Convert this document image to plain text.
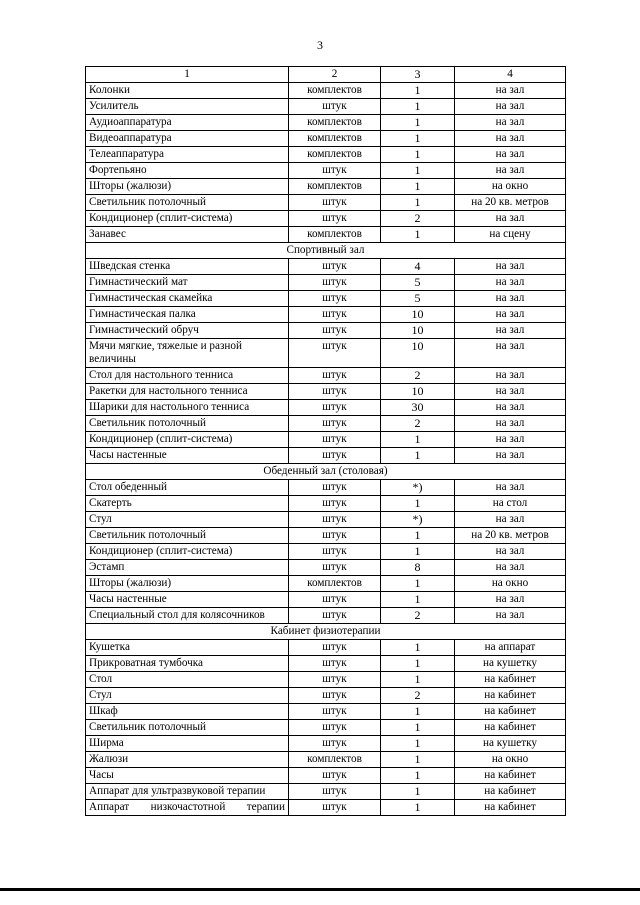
3
1	2	3	4
Колонки	комплектов	1	на зал
Усилитель	штук	1	на зал
Аудиоаппаратура	комплектов	1	на зал
Видеоаппаратура	комплектов	1	на зал
Телеаппаратура	комплектов	1	на зал
Фортепьяно	штук	1	на зал
Шторы (жалюзи)	комплектов	1	на окно
Светильник потолочный	штук	1	на 20 кв. метров
Кондиционер (сплит-система)	штук	2	на зал
Занавес	комплектов	1	на сцену
Спортивный зал			
Шведская стенка	штук	4	на зал
Гимнастический мат	штук	5	на зал
Гимнастическая скамейка	штук	5	на зал
Гимнастическая палка	штук	10	на зал
Гимнастический обруч	штук	10	на зал
Мячи мягкие, тяжелые и разной величины	штук	10	на зал
Стол для настольного тенниса	штук	2	на зал
Ракетки для настольного тенниса	штук	10	на зал
Шарики для настольного тенниса	штук	30	на зал
Светильник потолочный	штук	2	на зал
Кондиционер (сплит-система)	штук	1	на зал
Часы настенные	штук	1	на зал
Обеденный зал (столовая)			
Стол обеденный	штук	*)	на зал
Скатерть	штук	1	на стол
Стул	штук	*)	на зал
Светильник потолочный	штук	1	на 20 кв. метров
Кондиционер (сплит-система)	штук	1	на зал
Эстамп	штук	8	на зал
Шторы (жалюзи)	комплектов	1	на окно
Часы настенные	штук	1	на зал
Специальный стол для колясочников	штук	2	на зал
Кабинет физиотерапии			
Кушетка	штук	1	на аппарат
Прикроватная тумбочка	штук	1	на кушетку
Стол	штук	1	на кабинет
Стул	штук	2	на кабинет
Шкаф	штук	1	на кабинет
Светильник потолочный	штук	1	на кабинет
Ширма	штук	1	на кушетку
Жалюзи	комплектов	1	на окно
Часы	штук	1	на кабинет
Аппарат для ультразвуковой терапии	штук	1	на кабинет
Аппарат низкочастотной терапии	штук	1	на кабинет
